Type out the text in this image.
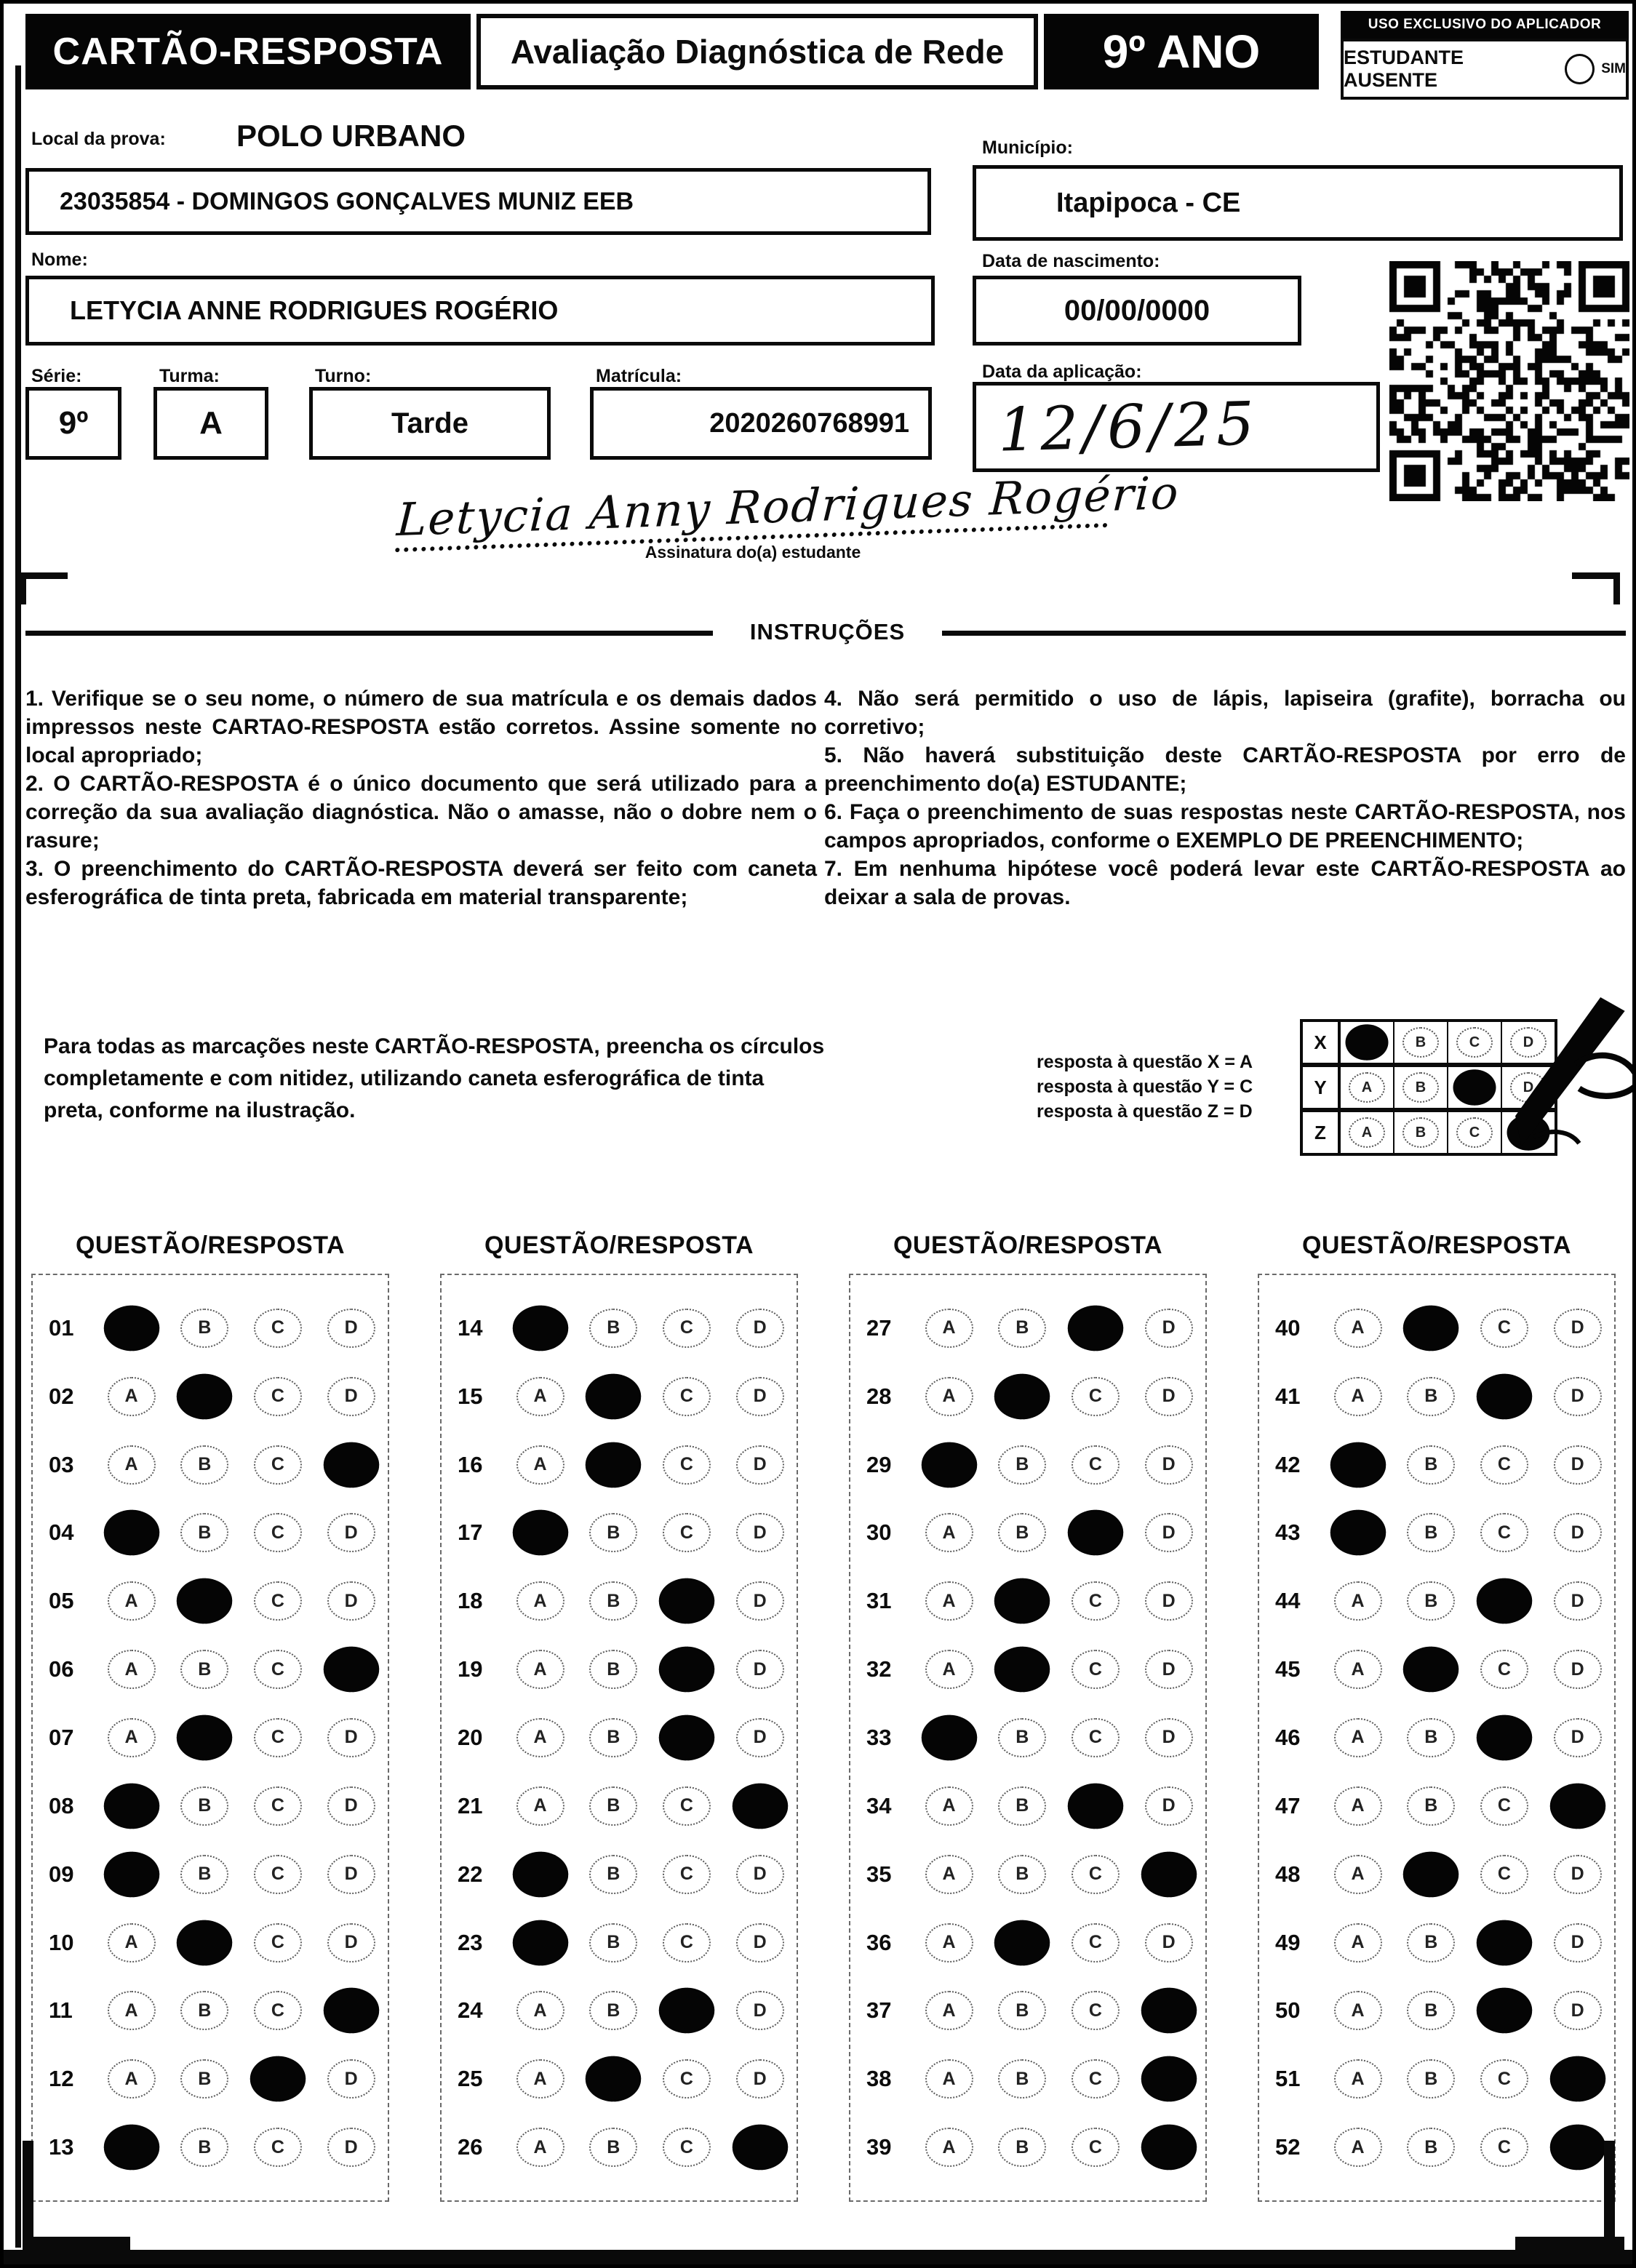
CARTÃO-RESPOSTA	Avaliação Diagnóstica de Rede	9º ANO
USO EXCLUSIVO DO APLICADOR
ESTUDANTE AUSENTE
SIM
Local da prova: POLO URBANO	Município:
23035854 - DOMINGOS GONÇALVES MUNIZ EEB	Itapipoca - CE
Nome:
LETYCIA ANNE RODRIGUES ROGÉRIO
Data de nascimento:
00/00/0000
Série:	Turma:	Turno:	Matrícula:	Data da aplicação:
9º	A	Tarde	2020260768991	12/6/25
Letycia Anny Rodrigues Rogério
Assinatura do(a) estudante
INSTRUÇÕES
1. Verifique se o seu nome, o número de sua matrícula e os demais dados impressos neste CARTAO-RESPOSTA estão corretos. Assine somente no local apropriado;
2. O CARTÃO-RESPOSTA é o único documento que será utilizado para a correção da sua avaliação diagnóstica. Não o amasse, não o dobre nem o rasure;
3. O preenchimento do CARTÃO-RESPOSTA deverá ser feito com caneta esferográfica de tinta preta, fabricada em material transparente;
4. Não será permitido o uso de lápis, lapiseira (grafite), borracha ou corretivo;
5. Não haverá substituição deste CARTÃO-RESPOSTA por erro de preenchimento do(a) ESTUDANTE;
6. Faça o preenchimento de suas respostas neste CARTÃO-RESPOSTA, nos campos apropriados, conforme o EXEMPLO DE PREENCHIMENTO;
7. Em nenhuma hipótese você poderá levar este CARTÃO-RESPOSTA ao deixar a sala de provas.
Para todas as marcações neste CARTÃO-RESPOSTA, preencha os círculos completamente e com nitidez, utilizando caneta esferográfica de tinta preta, conforme na ilustração.
resposta à questão X = A
resposta à questão Y = C
resposta à questão Z = D
X	B	C	D
Y	A	B	D
Z	A	B	C
QUESTÃO/RESPOSTA
01	B	C	D
02	A	C	D
03	A	B	C
04	B	C	D
05	A	C	D
06	A	B	C
07	A	C	D
08	B	C	D
09	B	C	D
10	A	C	D
11	A	B	C
12	A	B	D
13	B	C	D
QUESTÃO/RESPOSTA
14	B	C	D
15	A	C	D
16	A	C	D
17	B	C	D
18	A	B	D
19	A	B	D
20	A	B	D
21	A	B	C
22	B	C	D
23	B	C	D
24	A	B	D
25	A	C	D
26	A	B	C
QUESTÃO/RESPOSTA
27	A	B	D
28	A	C	D
29	B	C	D
30	A	B	D
31	A	C	D
32	A	C	D
33	B	C	D
34	A	B	D
35	A	B	C
36	A	C	D
37	A	B	C
38	A	B	C
39	A	B	C
QUESTÃO/RESPOSTA
40	A	C	D
41	A	B	D
42	B	C	D
43	B	C	D
44	A	B	D
45	A	C	D
46	A	B	D
47	A	B	C
48	A	C	D
49	A	B	D
50	A	B	D
51	A	B	C
52	A	B	C
